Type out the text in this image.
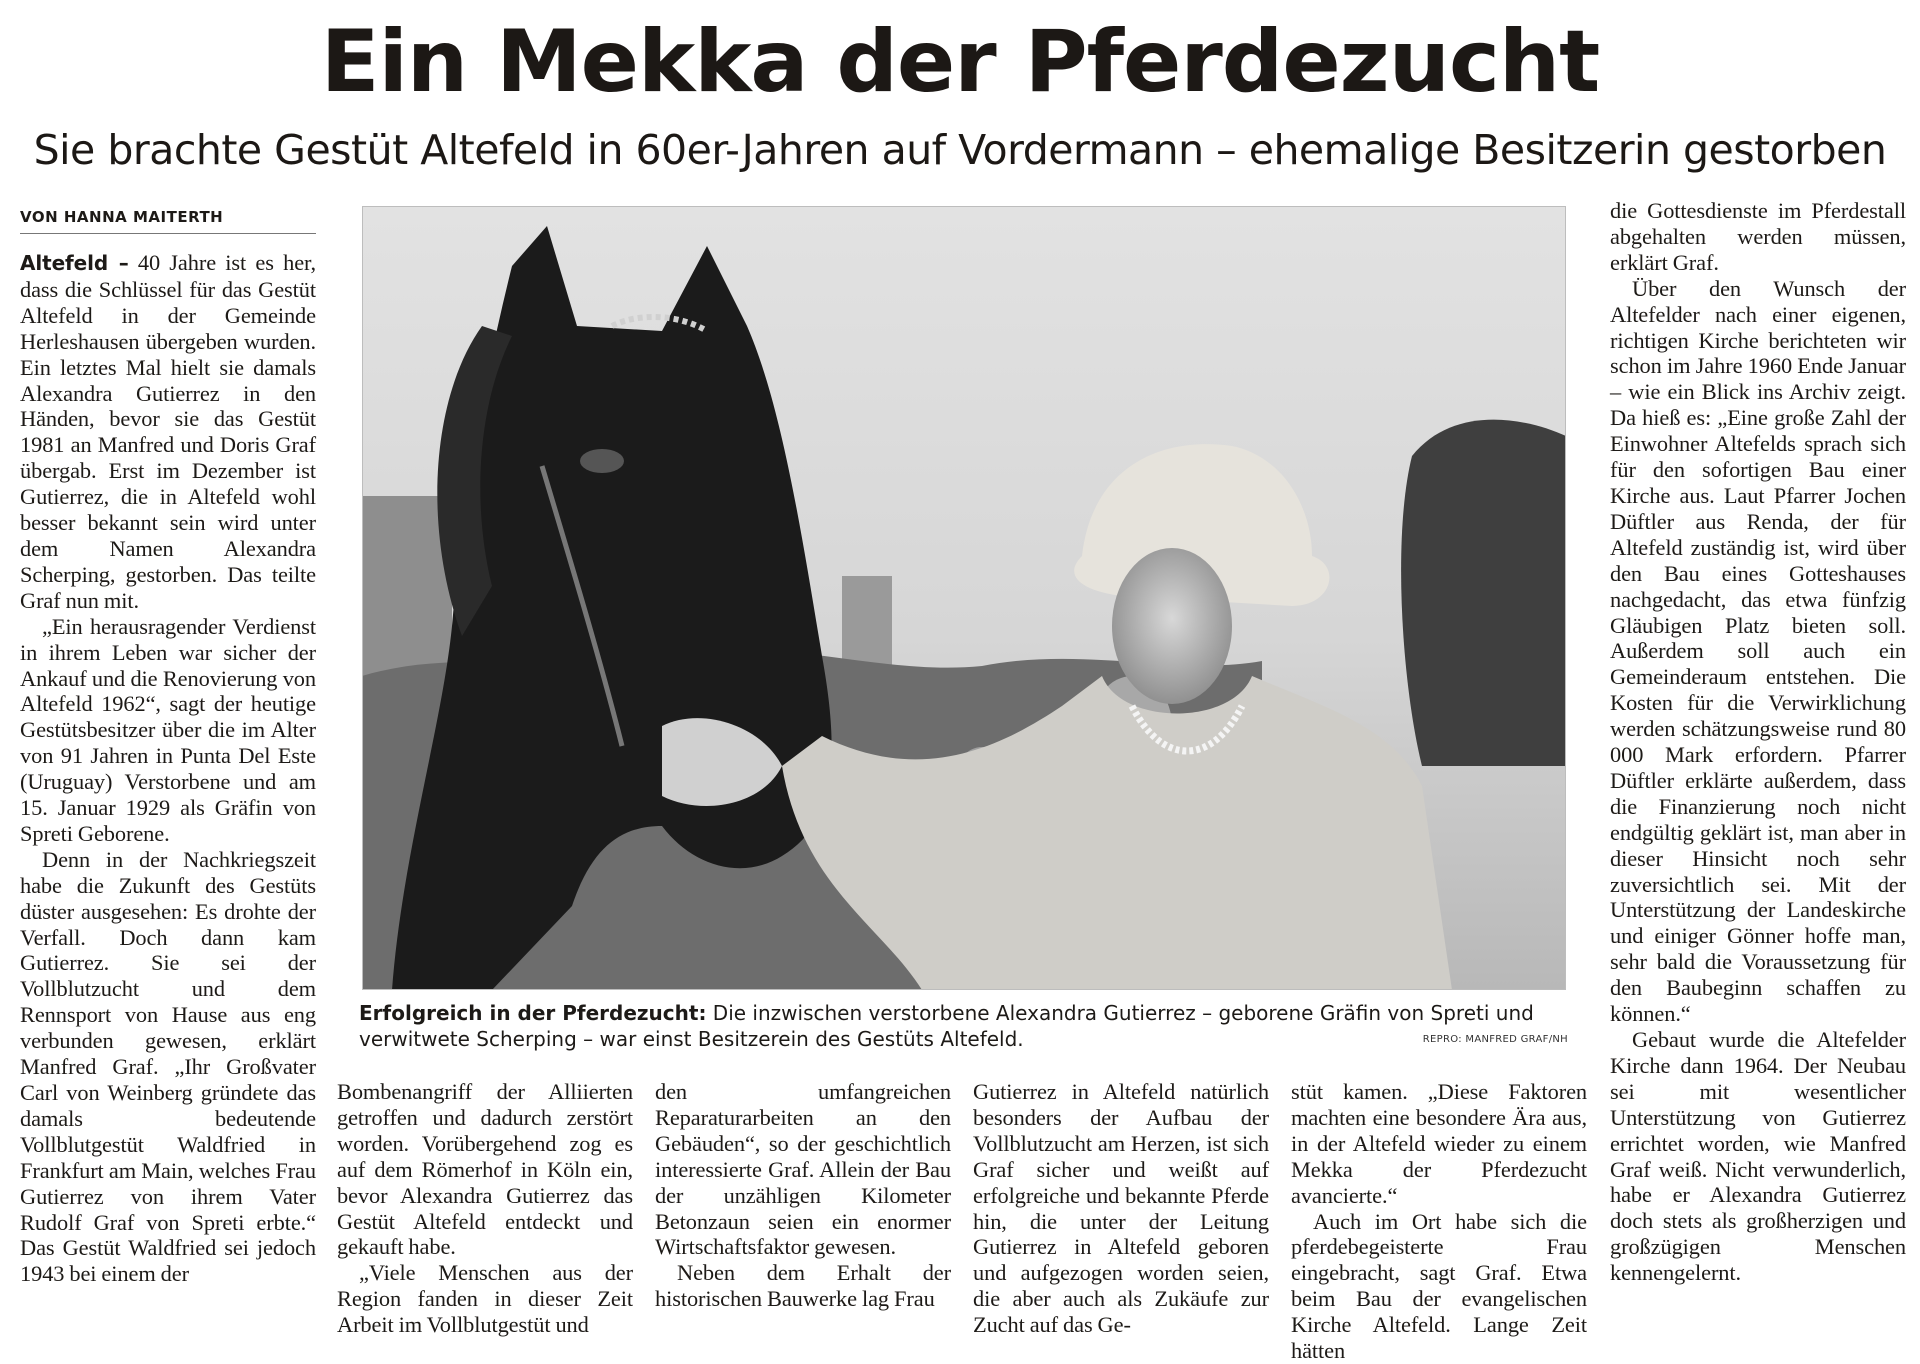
Ein Mekka der Pferdezucht
Sie brachte Gestüt Altefeld in 60er-Jahren auf Vordermann – ehemalige Besitzerin gestorben
VON HANNA MAITERTH

Altefeld – 40 Jahre ist es her, dass die Schlüssel für das Gestüt Altefeld in der Gemeinde Herleshausen übergeben wurden. Ein letztes Mal hielt sie damals Alexandra Gutierrez in den Händen, bevor sie das Gestüt 1981 an Manfred und Doris Graf übergab. Erst im Dezember ist Gutierrez, die in Altefeld wohl besser bekannt sein wird unter dem Namen Alexandra Scherping, gestorben. Das teilte Graf nun mit.

„Ein herausragender Verdienst in ihrem Leben war sicher der Ankauf und die Renovierung von Altefeld 1962“, sagt der heutige Gestütsbesitzer über die im Alter von 91 Jahren in Punta Del Este (Uruguay) Verstorbene und am 15. Januar 1929 als Gräfin von Spreti Geborene.

Denn in der Nachkriegszeit habe die Zukunft des Gestüts düster ausgesehen: Es drohte der Verfall. Doch dann kam Gutierrez. Sie sei der Vollblutzucht und dem Rennsport von Hause aus eng verbunden gewesen, erklärt Manfred Graf. „Ihr Großvater Carl von Weinberg gründete das damals bedeutende Vollblutgestüt Waldfried in Frankfurt am Main, welches Frau Gutierrez von ihrem Vater Rudolf Graf von Spreti erbte.“ Das Gestüt Waldfried sei jedoch 1943 bei einem der

Erfolgreich in der Pferdezucht: Die inzwischen verstorbene Alexandra Gutierrez – geborene Gräfin von Spreti und verwitwete Scherping – war einst Besitzerein des Gestüts Altefeld.	REPRO: MANFRED GRAF/NH

Bombenangriff der Alliierten getroffen und dadurch zerstört worden. Vorübergehend zog es auf dem Römerhof in Köln ein, bevor Alexandra Gutierrez das Gestüt Altefeld entdeckt und gekauft habe.

„Viele Menschen aus der Region fanden in dieser Zeit Arbeit im Vollblutgestüt und

den umfangreichen Reparaturarbeiten an den Gebäuden“, so der geschichtlich interessierte Graf. Allein der Bau der unzähligen Kilometer Betonzaun seien ein enormer Wirtschaftsfaktor gewesen.

Neben dem Erhalt der historischen Bauwerke lag Frau

Gutierrez in Altefeld natürlich besonders der Aufbau der Vollblutzucht am Herzen, ist sich Graf sicher und weißt auf erfolgreiche und bekannte Pferde hin, die unter der Leitung Gutierrez in Altefeld geboren und aufgezogen worden seien, die aber auch als Zukäufe zur Zucht auf das Ge-

stüt kamen. „Diese Faktoren machten eine besondere Ära aus, in der Altefeld wieder zu einem Mekka der Pferdezucht avancierte.“

Auch im Ort habe sich die pferdebegeisterte Frau eingebracht, sagt Graf. Etwa beim Bau der evangelischen Kirche Altefeld. Lange Zeit hätten

die Gottesdienste im Pferdestall abgehalten werden müssen, erklärt Graf.

Über den Wunsch der Altefelder nach einer eigenen, richtigen Kirche berichteten wir schon im Jahre 1960 Ende Januar – wie ein Blick ins Archiv zeigt. Da hieß es: „Eine große Zahl der Einwohner Altefelds sprach sich für den sofortigen Bau einer Kirche aus. Laut Pfarrer Jochen Düftler aus Renda, der für Altefeld zuständig ist, wird über den Bau eines Gotteshauses nachgedacht, das etwa fünfzig Gläubigen Platz bieten soll. Außerdem soll auch ein Gemeinderaum entstehen. Die Kosten für die Verwirklichung werden schätzungsweise rund 80 000 Mark erfordern. Pfarrer Düftler erklärte außerdem, dass die Finanzierung noch nicht endgültig geklärt ist, man aber in dieser Hinsicht noch sehr zuversichtlich sei. Mit der Unterstützung der Landeskirche und einiger Gönner hoffe man, sehr bald die Voraussetzung für den Baubeginn schaffen zu können.“

Gebaut wurde die Altefelder Kirche dann 1964. Der Neubau sei mit wesentlicher Unterstützung von Gutierrez errichtet worden, wie Manfred Graf weiß. Nicht verwunderlich, habe er Alexandra Gutierrez doch stets als großherzigen und großzügigen Menschen kennengelernt.
